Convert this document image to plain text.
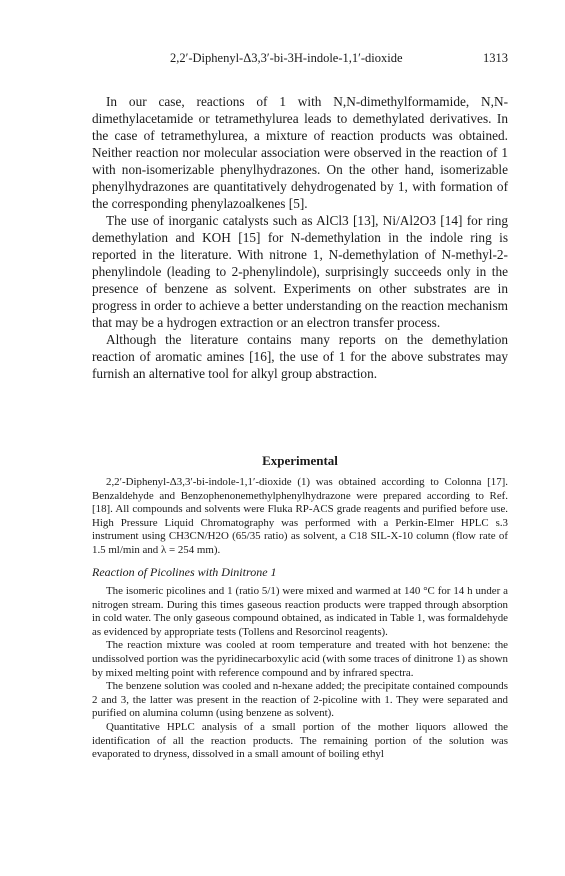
2,2′-Diphenyl-Δ3,3′-bi-3H-indole-1,1′-dioxide	1313

In our case, reactions of 1 with N,N-dimethylformamide, N,N-dimethylacetamide or tetramethylurea leads to demethylated derivatives. In the case of tetramethylurea, a mixture of reaction products was obtained. Neither reaction nor molecular association were observed in the reaction of 1 with non-isomerizable phenylhydrazones. On the other hand, isomerizable phenylhydrazones are quantitatively dehydrogenated by 1, with formation of the corresponding phenylazoalkenes [5].

The use of inorganic catalysts such as AlCl3 [13], Ni/Al2O3 [14] for ring demethylation and KOH [15] for N-demethylation in the indole ring is reported in the literature. With nitrone 1, N-demethylation of N-methyl-2-phenylindole (leading to 2-phenylindole), surprisingly succeeds only in the presence of benzene as solvent. Experiments on other substrates are in progress in order to achieve a better understanding on the reaction mechanism that may be a hydrogen extraction or an electron transfer process.

Although the literature contains many reports on the demethylation reaction of aromatic amines [16], the use of 1 for the above substrates may furnish an alternative tool for alkyl group abstraction.

Experimental

2,2′-Diphenyl-Δ3,3′-bi-indole-1,1′-dioxide (1) was obtained according to Colonna [17]. Benzaldehyde and Benzophenonemethylphenylhydrazone were prepared according to Ref. [18]. All compounds and solvents were Fluka RP-ACS grade reagents and purified before use. High Pressure Liquid Chromatography was performed with a Perkin-Elmer HPLC s.3 instrument using CH3CN/H2O (65/35 ratio) as solvent, a C18 SIL-X-10 column (flow rate of 1.5 ml/min and λ = 254 mm).

Reaction of Picolines with Dinitrone 1

The isomeric picolines and 1 (ratio 5/1) were mixed and warmed at 140 °C for 14 h under a nitrogen stream. During this times gaseous reaction products were trapped through absorption in cold water. The only gaseous compound obtained, as indicated in Table 1, was formaldehyde as evidenced by appropriate tests (Tollens and Resorcinol reagents).

The reaction mixture was cooled at room temperature and treated with hot benzene: the undissolved portion was the pyridinecarboxylic acid (with some traces of dinitrone 1) as shown by mixed melting point with reference compound and by infrared spectra.

The benzene solution was cooled and n-hexane added; the precipitate contained compounds 2 and 3, the latter was present in the reaction of 2-picoline with 1. They were separated and purified on alumina column (using benzene as solvent).

Quantitative HPLC analysis of a small portion of the mother liquors allowed the identification of all the reaction products. The remaining portion of the solution was evaporated to dryness, dissolved in a small amount of boiling ethyl
